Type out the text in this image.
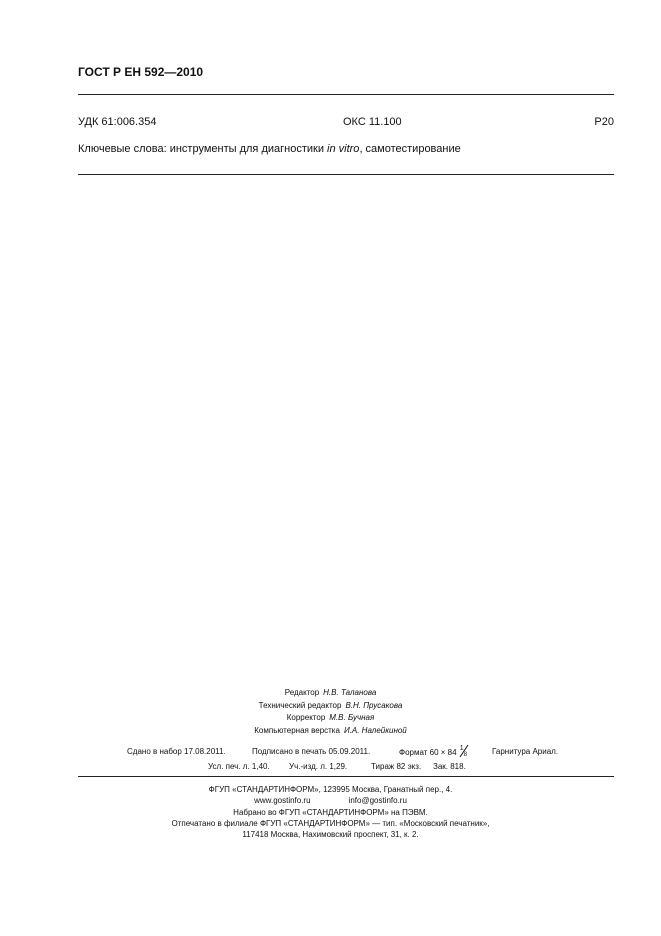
ГОСТ Р ЕН 592—2010
УДК 61:006.354	ОКС 11.100	Р20
Ключевые слова: инструменты для диагностики in vitro, самотестирование
Редактор Н.В. Таланова
Технический редактор В.Н. Прусакова
Корректор М.В. Бучная
Компьютерная верстка И.А. Налейкиной
Сдано в набор 17.08.2011.	Подписано в печать 05.09.2011.	Формат 60 × 84 1
8	Гарнитура Ариал.
Усл. печ. л. 1,40. Уч.-изд. л. 1,29.	Тираж 82 экз. Зак. 818.
ФГУП «СТАНДАРТИНФОРМ», 123995 Москва, Гранатный пер., 4.
www.gostinfo.ru	info@gostinfo.ru
Набрано во ФГУП «СТАНДАРТИНФОРМ» на ПЭВМ.
Отпечатано в филиале ФГУП «СТАНДАРТИНФОРМ» — тип. «Московский печатник»,
117418 Москва, Нахимовский проспект, 31, к. 2.
